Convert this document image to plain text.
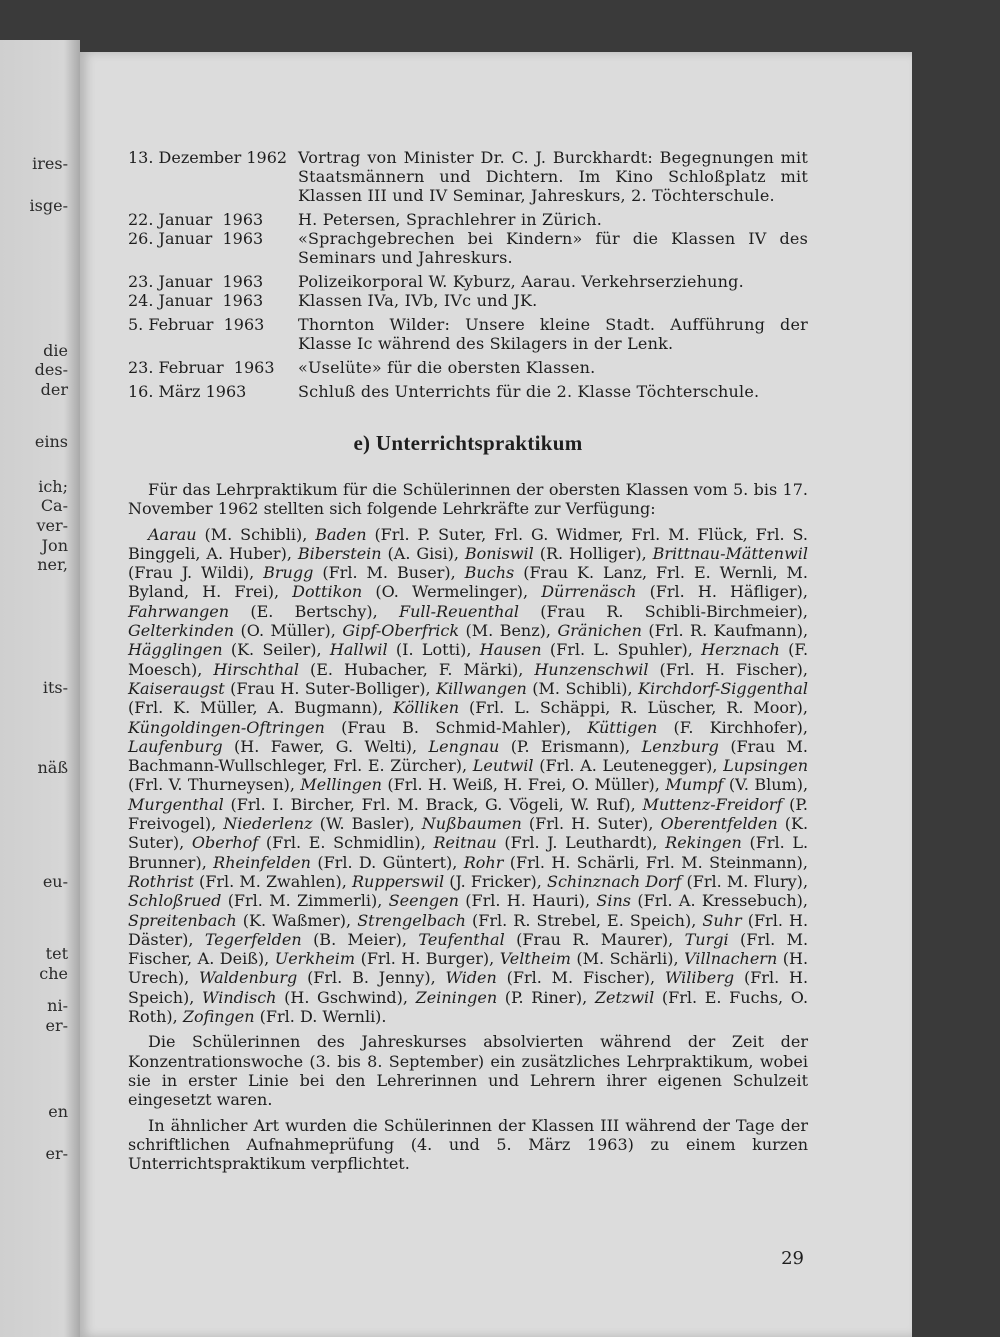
ires-
isge-
die
des-
der
eins
ich;
Ca-
ver-
Jon
ner,
its-
näß
eu-
tet
che
ni-
er-
en
er-
13. Dezember 1962 Vortrag von Minister Dr. C. J. Burckhardt: Begegnungen mit Staatsmännern und Dichtern. Im Kino Schloßplatz mit Klassen III und IV Seminar, Jahreskurs, 2. Töchterschule.
22. Januar  1963	H. Petersen, Sprachlehrer in Zürich.
26. Januar  1963	«Sprachgebrechen bei Kindern» für die Klassen IV des Seminars und Jahreskurs.
23. Januar  1963	Polizeikorporal W. Kyburz, Aarau. Verkehrserziehung.
24. Januar  1963	Klassen IVa, IVb, IVc und JK.
5. Februar  1963	Thornton Wilder: Unsere kleine Stadt. Aufführung der Klasse Ic während des Skilagers in der Lenk.
23. Februar  1963	«Uselüte» für die obersten Klassen.
16. März 1963	Schluß des Unterrichts für die 2. Klasse Töchterschule.
e) Unterrichtspraktikum

Für das Lehrpraktikum für die Schülerinnen der obersten Klassen vom 5. bis 17. November 1962 stellten sich folgende Lehrkräfte zur Verfügung:

Aarau (M. Schibli), Baden (Frl. P. Suter, Frl. G. Widmer, Frl. M. Flück, Frl. S. Binggeli, A. Huber), Biberstein (A. Gisi), Boniswil (R. Holliger), Brittnau-Mättenwil (Frau J. Wildi), Brugg (Frl. M. Buser), Buchs (Frau K. Lanz, Frl. E. Wernli, M. Byland, H. Frei), Dottikon (O. Wermelinger), Dürrenäsch (Frl. H. Häfliger), Fahrwangen (E. Bertschy), Full-Reuenthal (Frau R. Schibli-Birchmeier), Gelterkinden (O. Müller), Gipf-Oberfrick (M. Benz), Gränichen (Frl. R. Kaufmann), Hägglingen (K. Seiler), Hallwil (I. Lotti), Hausen (Frl. L. Spuhler), Herznach (F. Moesch), Hirschthal (E. Hubacher, F. Märki), Hunzenschwil (Frl. H. Fischer), Kaiseraugst (Frau H. Suter-Bolliger), Killwangen (M. Schibli), Kirchdorf-Siggenthal (Frl. K. Müller, A. Bugmann), Kölliken (Frl. L. Schäppi, R. Lüscher, R. Moor), Küngoldingen-Oftringen (Frau B. Schmid-Mahler), Küttigen (F. Kirchhofer), Laufenburg (H. Fawer, G. Welti), Lengnau (P. Erismann), Lenzburg (Frau M. Bachmann-Wullschleger, Frl. E. Zürcher), Leutwil (Frl. A. Leutenegger), Lupsingen (Frl. V. Thurneysen), Mellingen (Frl. H. Weiß, H. Frei, O. Müller), Mumpf (V. Blum), Murgenthal (Frl. I. Bircher, Frl. M. Brack, G. Vögeli, W. Ruf), Muttenz-Freidorf (P. Freivogel), Niederlenz (W. Basler), Nußbaumen (Frl. H. Suter), Oberentfelden (K. Suter), Oberhof (Frl. E. Schmidlin), Reitnau (Frl. J. Leuthardt), Rekingen (Frl. L. Brunner), Rheinfelden (Frl. D. Güntert), Rohr (Frl. H. Schärli, Frl. M. Steinmann), Rothrist (Frl. M. Zwahlen), Rupperswil (J. Fricker), Schinznach Dorf (Frl. M. Flury), Schloßrued (Frl. M. Zimmerli), Seengen (Frl. H. Hauri), Sins (Frl. A. Kressebuch), Spreitenbach (K. Waßmer), Strengelbach (Frl. R. Strebel, E. Speich), Suhr (Frl. H. Däster), Tegerfelden (B. Meier), Teufenthal (Frau R. Maurer), Turgi (Frl. M. Fischer, A. Deiß), Uerkheim (Frl. H. Burger), Veltheim (M. Schärli), Villnachern (H. Urech), Waldenburg (Frl. B. Jenny), Widen (Frl. M. Fischer), Wiliberg (Frl. H. Speich), Windisch (H. Gschwind), Zeiningen (P. Riner), Zetzwil (Frl. E. Fuchs, O. Roth), Zofingen (Frl. D. Wernli).

Die Schülerinnen des Jahreskurses absolvierten während der Zeit der Konzentrationswoche (3. bis 8. September) ein zusätzliches Lehrpraktikum, wobei sie in erster Linie bei den Lehrerinnen und Lehrern ihrer eigenen Schulzeit eingesetzt waren.

In ähnlicher Art wurden die Schülerinnen der Klassen III während der Tage der schriftlichen Aufnahmeprüfung (4. und 5. März 1963) zu einem kurzen Unterrichtspraktikum verpflichtet.

29
